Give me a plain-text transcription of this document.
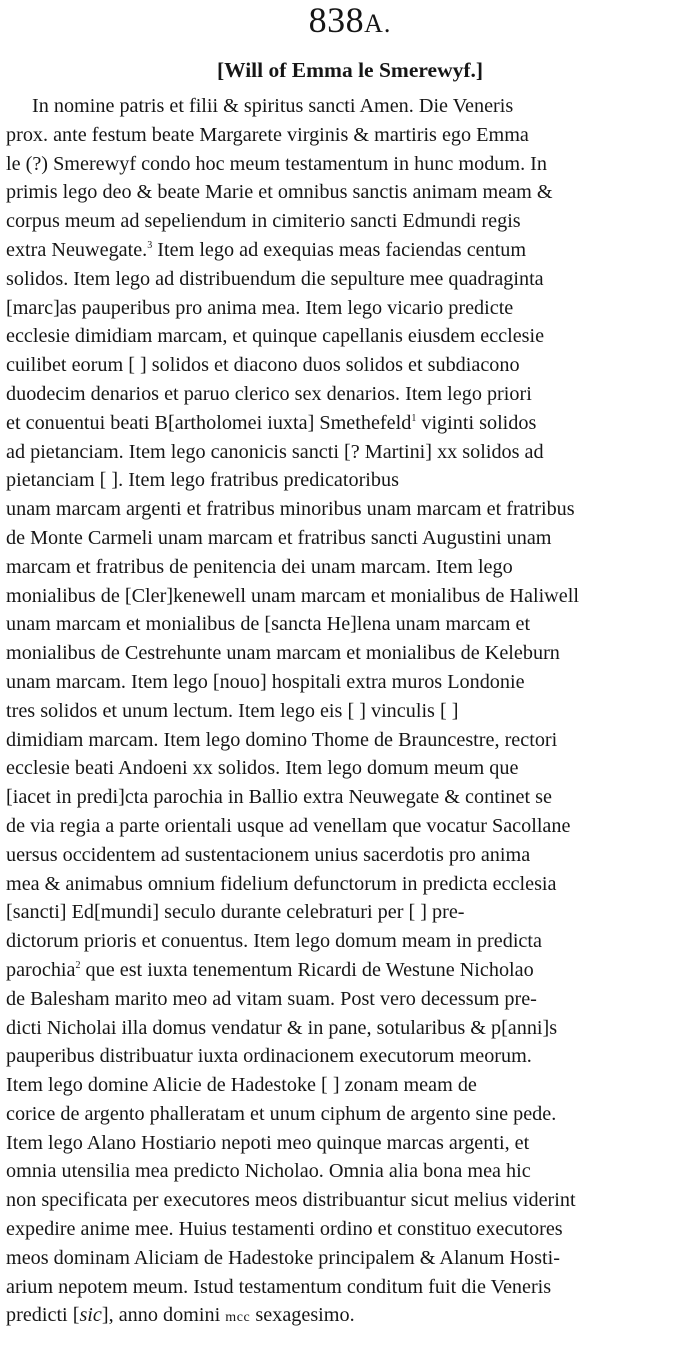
838A.
[Will of Emma le Smerewyf.]
In nomine patris et filii & spiritus sancti Amen. Die Veneris
prox. ante festum beate Margarete virginis & martiris ego Emma
le (?) Smerewyf condo hoc meum testamentum in hunc modum. In
primis lego deo & beate Marie et omnibus sanctis animam meam &
corpus meum ad sepeliendum in cimiterio sancti Edmundi regis
extra Neuwegate.$^3$ Item lego ad exequias meas faciendas centum
solidos. Item lego ad distribuendum die sepulture mee quadraginta
[marc]as pauperibus pro anima mea. Item lego vicario predicte
ecclesie dimidiam marcam, et quinque capellanis eiusdem ecclesie
cuilibet eorum [ ] solidos et diacono duos solidos et subdiacono
duodecim denarios et paruo clerico sex denarios. Item lego priori
et conuentui beati B[artholomei iuxta] Smethefeld$^1$ viginti solidos
ad pietanciam. Item lego canonicis sancti [? Martini] xx solidos ad
pietanciam [ ]. Item lego fratribus predicatoribus
unam marcam argenti et fratribus minoribus unam marcam et fratribus
de Monte Carmeli unam marcam et fratribus sancti Augustini unam
marcam et fratribus de penitencia dei unam marcam. Item lego
monialibus de [Cler]kenewell unam marcam et monialibus de Haliwell
unam marcam et monialibus de [sancta He]lena unam marcam et
monialibus de Cestrehunte unam marcam et monialibus de Keleburn
unam marcam. Item lego [nouo] hospitali extra muros Londonie
tres solidos et unum lectum. Item lego eis [ ] vinculis [ ]
dimidiam marcam. Item lego domino Thome de Brauncestre, rectori
ecclesie beati Andoeni xx solidos. Item lego domum meum que
[iacet in predi]cta parochia in Ballio extra Neuwegate & continet se
de via regia a parte orientali usque ad venellam que vocatur Sacollane
uersus occidentem ad sustentacionem unius sacerdotis pro anima
mea & animabus omnium fidelium defunctorum in predicta ecclesia
[sancti] Ed[mundi] seculo durante celebraturi per [ ] pre-
dictorum prioris et conuentus. Item lego domum meam in predicta
parochia$^2$ que est iuxta tenementum Ricardi de Westune Nicholao
de Balesham marito meo ad vitam suam. Post vero decessum pre-
dicti Nicholai illa domus vendatur & in pane, sotularibus & p[anni]s
pauperibus distribuatur iuxta ordinacionem executorum meorum.
Item lego domine Alicie de Hadestoke [ ] zonam meam de
corice de argento phalleratam et unum ciphum de argento sine pede.
Item lego Alano Hostiario nepoti meo quinque marcas argenti, et
omnia utensilia mea predicto Nicholao. Omnia alia bona mea hic
non specificata per executores meos distribuantur sicut melius viderint
expedire anime mee. Huius testamenti ordino et constituo executores
meos dominam Aliciam de Hadestoke principalem & Alanum Hosti-
arium nepotem meum. Istud testamentum conditum fuit die Veneris
predicti [sic], anno domini mcc sexagesimo.
